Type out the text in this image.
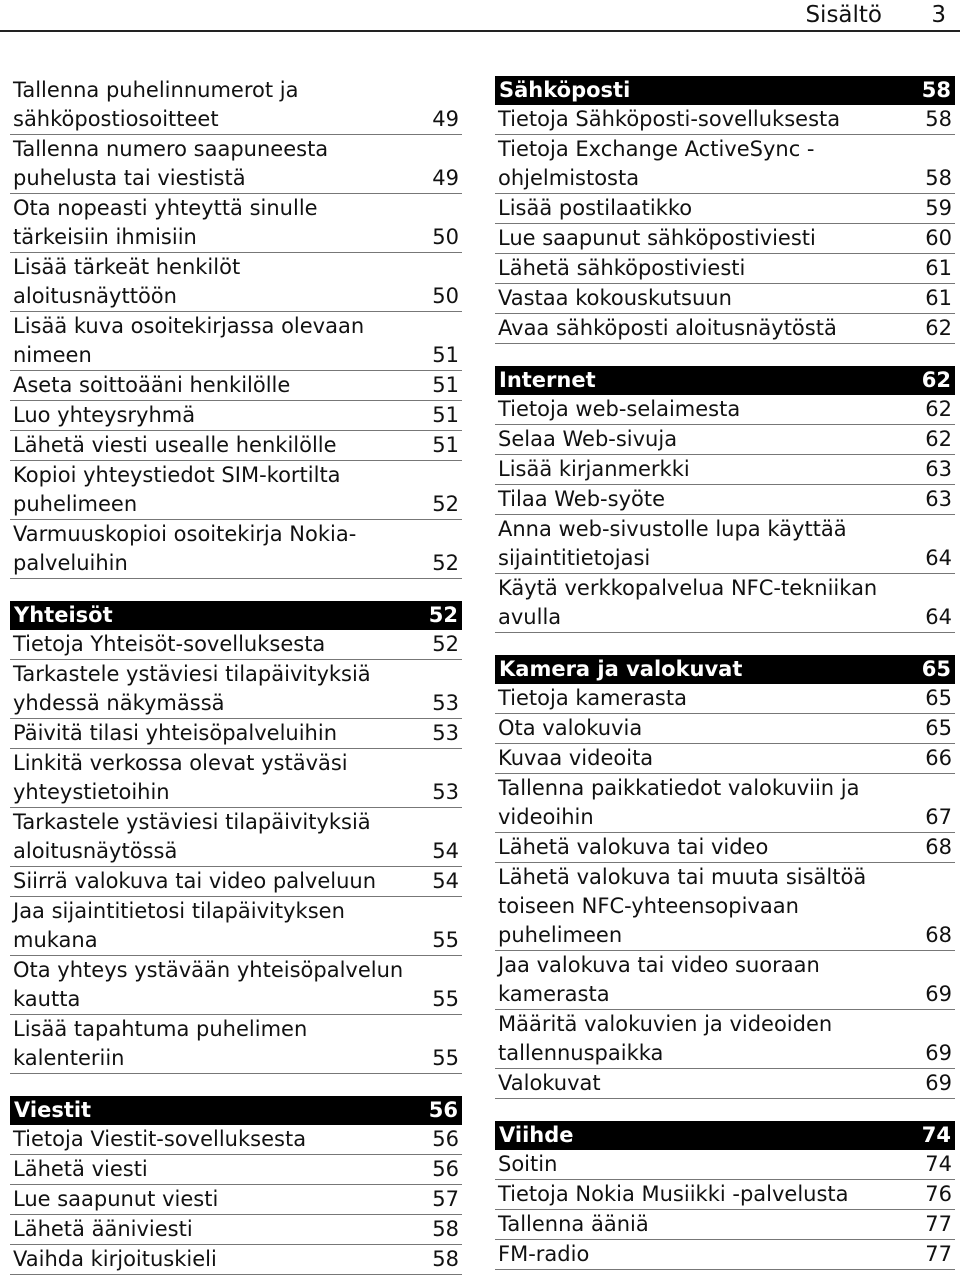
Sisältö 3
Tallenna puhelinnumerot ja sähköpostiosoitteet	49
Tallenna numero saapuneesta puhelusta tai viestistä	49
Ota nopeasti yhteyttä sinulle tärkeisiin ihmisiin	50
Lisää tärkeät henkilöt aloitusnäyttöön	50
Lisää kuva osoitekirjassa olevaan nimeen	51
Aseta soittoääni henkilölle	51
Luo yhteysryhmä	51
Lähetä viesti usealle henkilölle	51
Kopioi yhteystiedot SIM-kortilta puhelimeen	52
Varmuuskopioi osoitekirja Nokia-palveluihin	52
Yhteisöt	52
Tietoja Yhteisöt-sovelluksesta	52
Tarkastele ystäviesi tilapäivityksiä yhdessä näkymässä	53
Päivitä tilasi yhteisöpalveluihin	53
Linkitä verkossa olevat ystäväsi yhteystietoihin	53
Tarkastele ystäviesi tilapäivityksiä aloitusnäytössä	54
Siirrä valokuva tai video palveluun	54
Jaa sijaintitietosi tilapäivityksen mukana	55
Ota yhteys ystävään yhteisöpalvelun kautta	55
Lisää tapahtuma puhelimen kalenteriin	55
Viestit	56
Tietoja Viestit-sovelluksesta	56
Lähetä viesti	56
Lue saapunut viesti	57
Lähetä ääniviesti	58
Vaihda kirjoituskieli	58
Sähköposti	58
Tietoja Sähköposti-sovelluksesta	58
Tietoja Exchange ActiveSync -ohjelmistosta	58
Lisää postilaatikko	59
Lue saapunut sähköpostiviesti	60
Lähetä sähköpostiviesti	61
Vastaa kokouskutsuun	61
Avaa sähköposti aloitusnäytöstä	62
Internet	62
Tietoja web-selaimesta	62
Selaa Web-sivuja	62
Lisää kirjanmerkki	63
Tilaa Web-syöte	63
Anna web-sivustolle lupa käyttää sijaintitietojasi	64
Käytä verkkopalvelua NFC-tekniikan avulla	64
Kamera ja valokuvat	65
Tietoja kamerasta	65
Ota valokuvia	65
Kuvaa videoita	66
Tallenna paikkatiedot valokuviin ja videoihin	67
Lähetä valokuva tai video	68
Lähetä valokuva tai muuta sisältöä toiseen NFC-yhteensopivaan puhelimeen	68
Jaa valokuva tai video suoraan kamerasta	69
Määritä valokuvien ja videoiden tallennuspaikka	69
Valokuvat	69
Viihde	74
Soitin	74
Tietoja Nokia Musiikki -palvelusta	76
Tallenna ääniä	77
FM-radio	77
